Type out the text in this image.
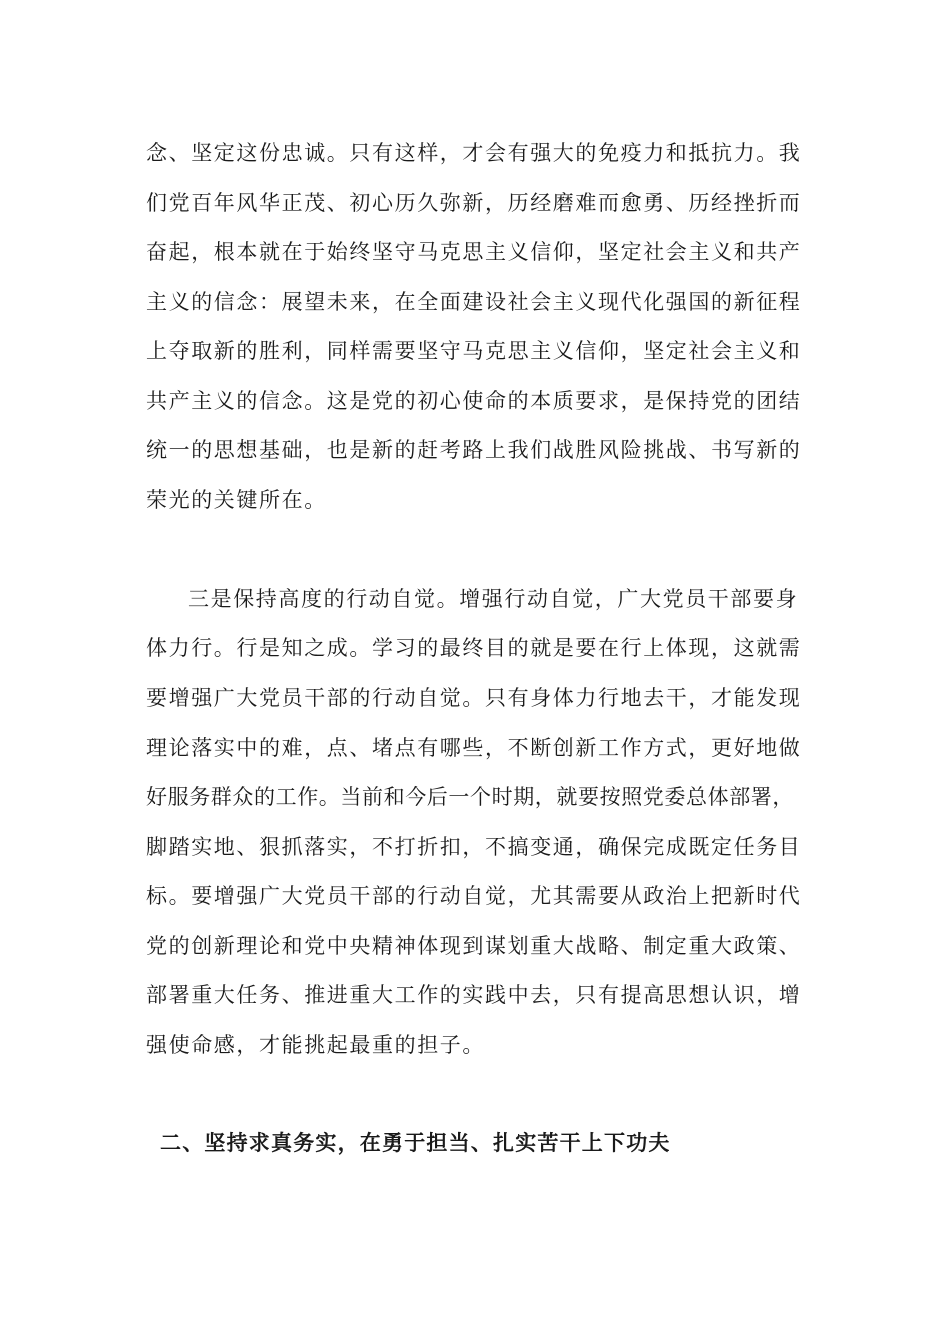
念、坚定这份忠诚。只有这样，才会有强大的免疫力和抵抗力。我
们党百年风华正茂、初心历久弥新，历经磨难而愈勇、历经挫折而
奋起，根本就在于始终坚守马克思主义信仰，坚定社会主义和共产
主义的信念：展望未来，在全面建设社会主义现代化强国的新征程
上夺取新的胜利，同样需要坚守马克思主义信仰，坚定社会主义和
共产主义的信念。这是党的初心使命的本质要求，是保持党的团结
统一的思想基础，也是新的赶考路上我们战胜风险挑战、书写新的
荣光的关键所在。
三是保持高度的行动自觉。增强行动自觉，广大党员干部要身
体力行。行是知之成。学习的最终目的就是要在行上体现，这就需
要增强广大党员干部的行动自觉。只有身体力行地去干，才能发现
理论落实中的难，点、堵点有哪些，不断创新工作方式，更好地做
好服务群众的工作。当前和今后一个时期，就要按照党委总体部署，
脚踏实地、狠抓落实，不打折扣，不搞变通，确保完成既定任务目
标。要增强广大党员干部的行动自觉，尤其需要从政治上把新时代
党的创新理论和党中央精神体现到谋划重大战略、制定重大政策、
部署重大任务、推进重大工作的实践中去，只有提高思想认识，增
强使命感，才能挑起最重的担子。
二、坚持求真务实，在勇于担当、扎实苦干上下功夫
